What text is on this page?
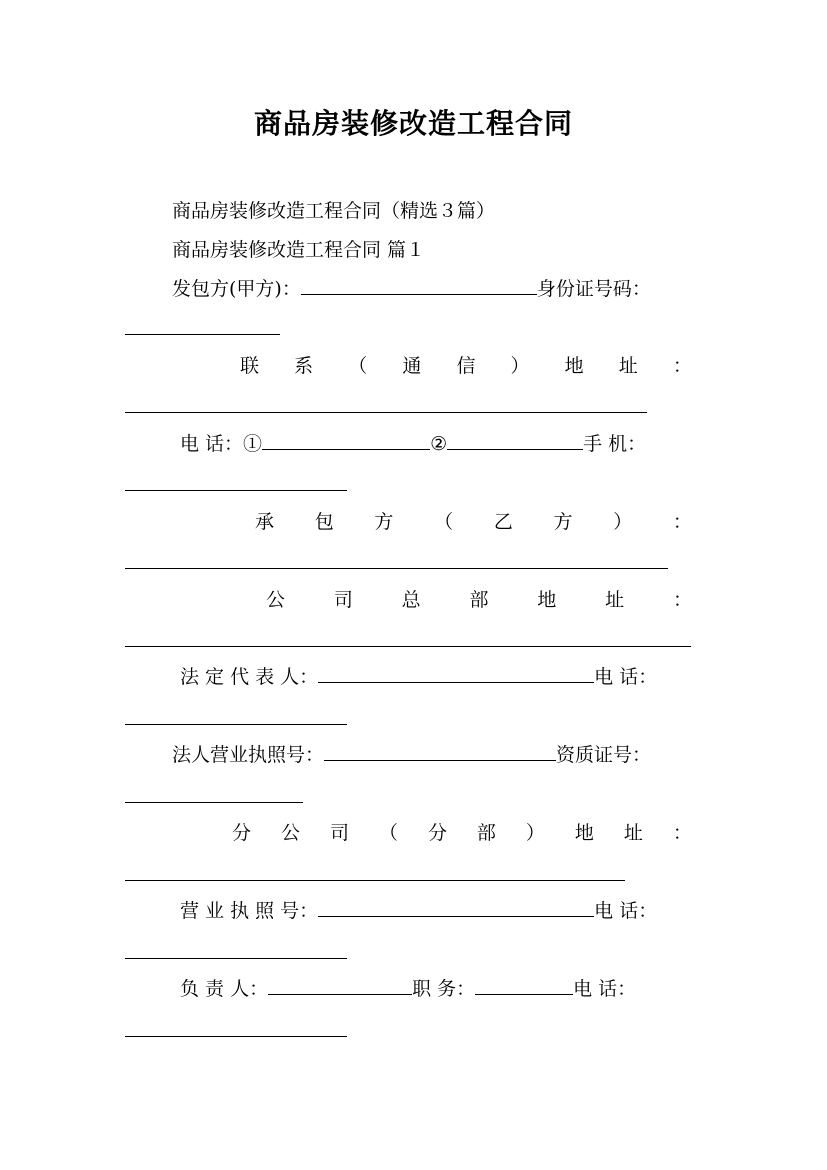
商品房装修改造工程合同
商品房装修改造工程合同（精选３篇）
商品房装修改造工程合同 篇１
发包方(甲方)：	身份证号码：
联 系 （ 通 信 ） 地 址 ：
电 话：①	②	手 机：
承 包 方 （ 乙 方 ） ：
公	司	总	部	地	址	：
法 定 代 表 人：	电 话：
法人营业执照号：	资质证号：
分 公 司 （ 分 部 ） 地 址 ：
营 业 执 照 号：	电 话：
负 责 人：	职 务：	电 话：
